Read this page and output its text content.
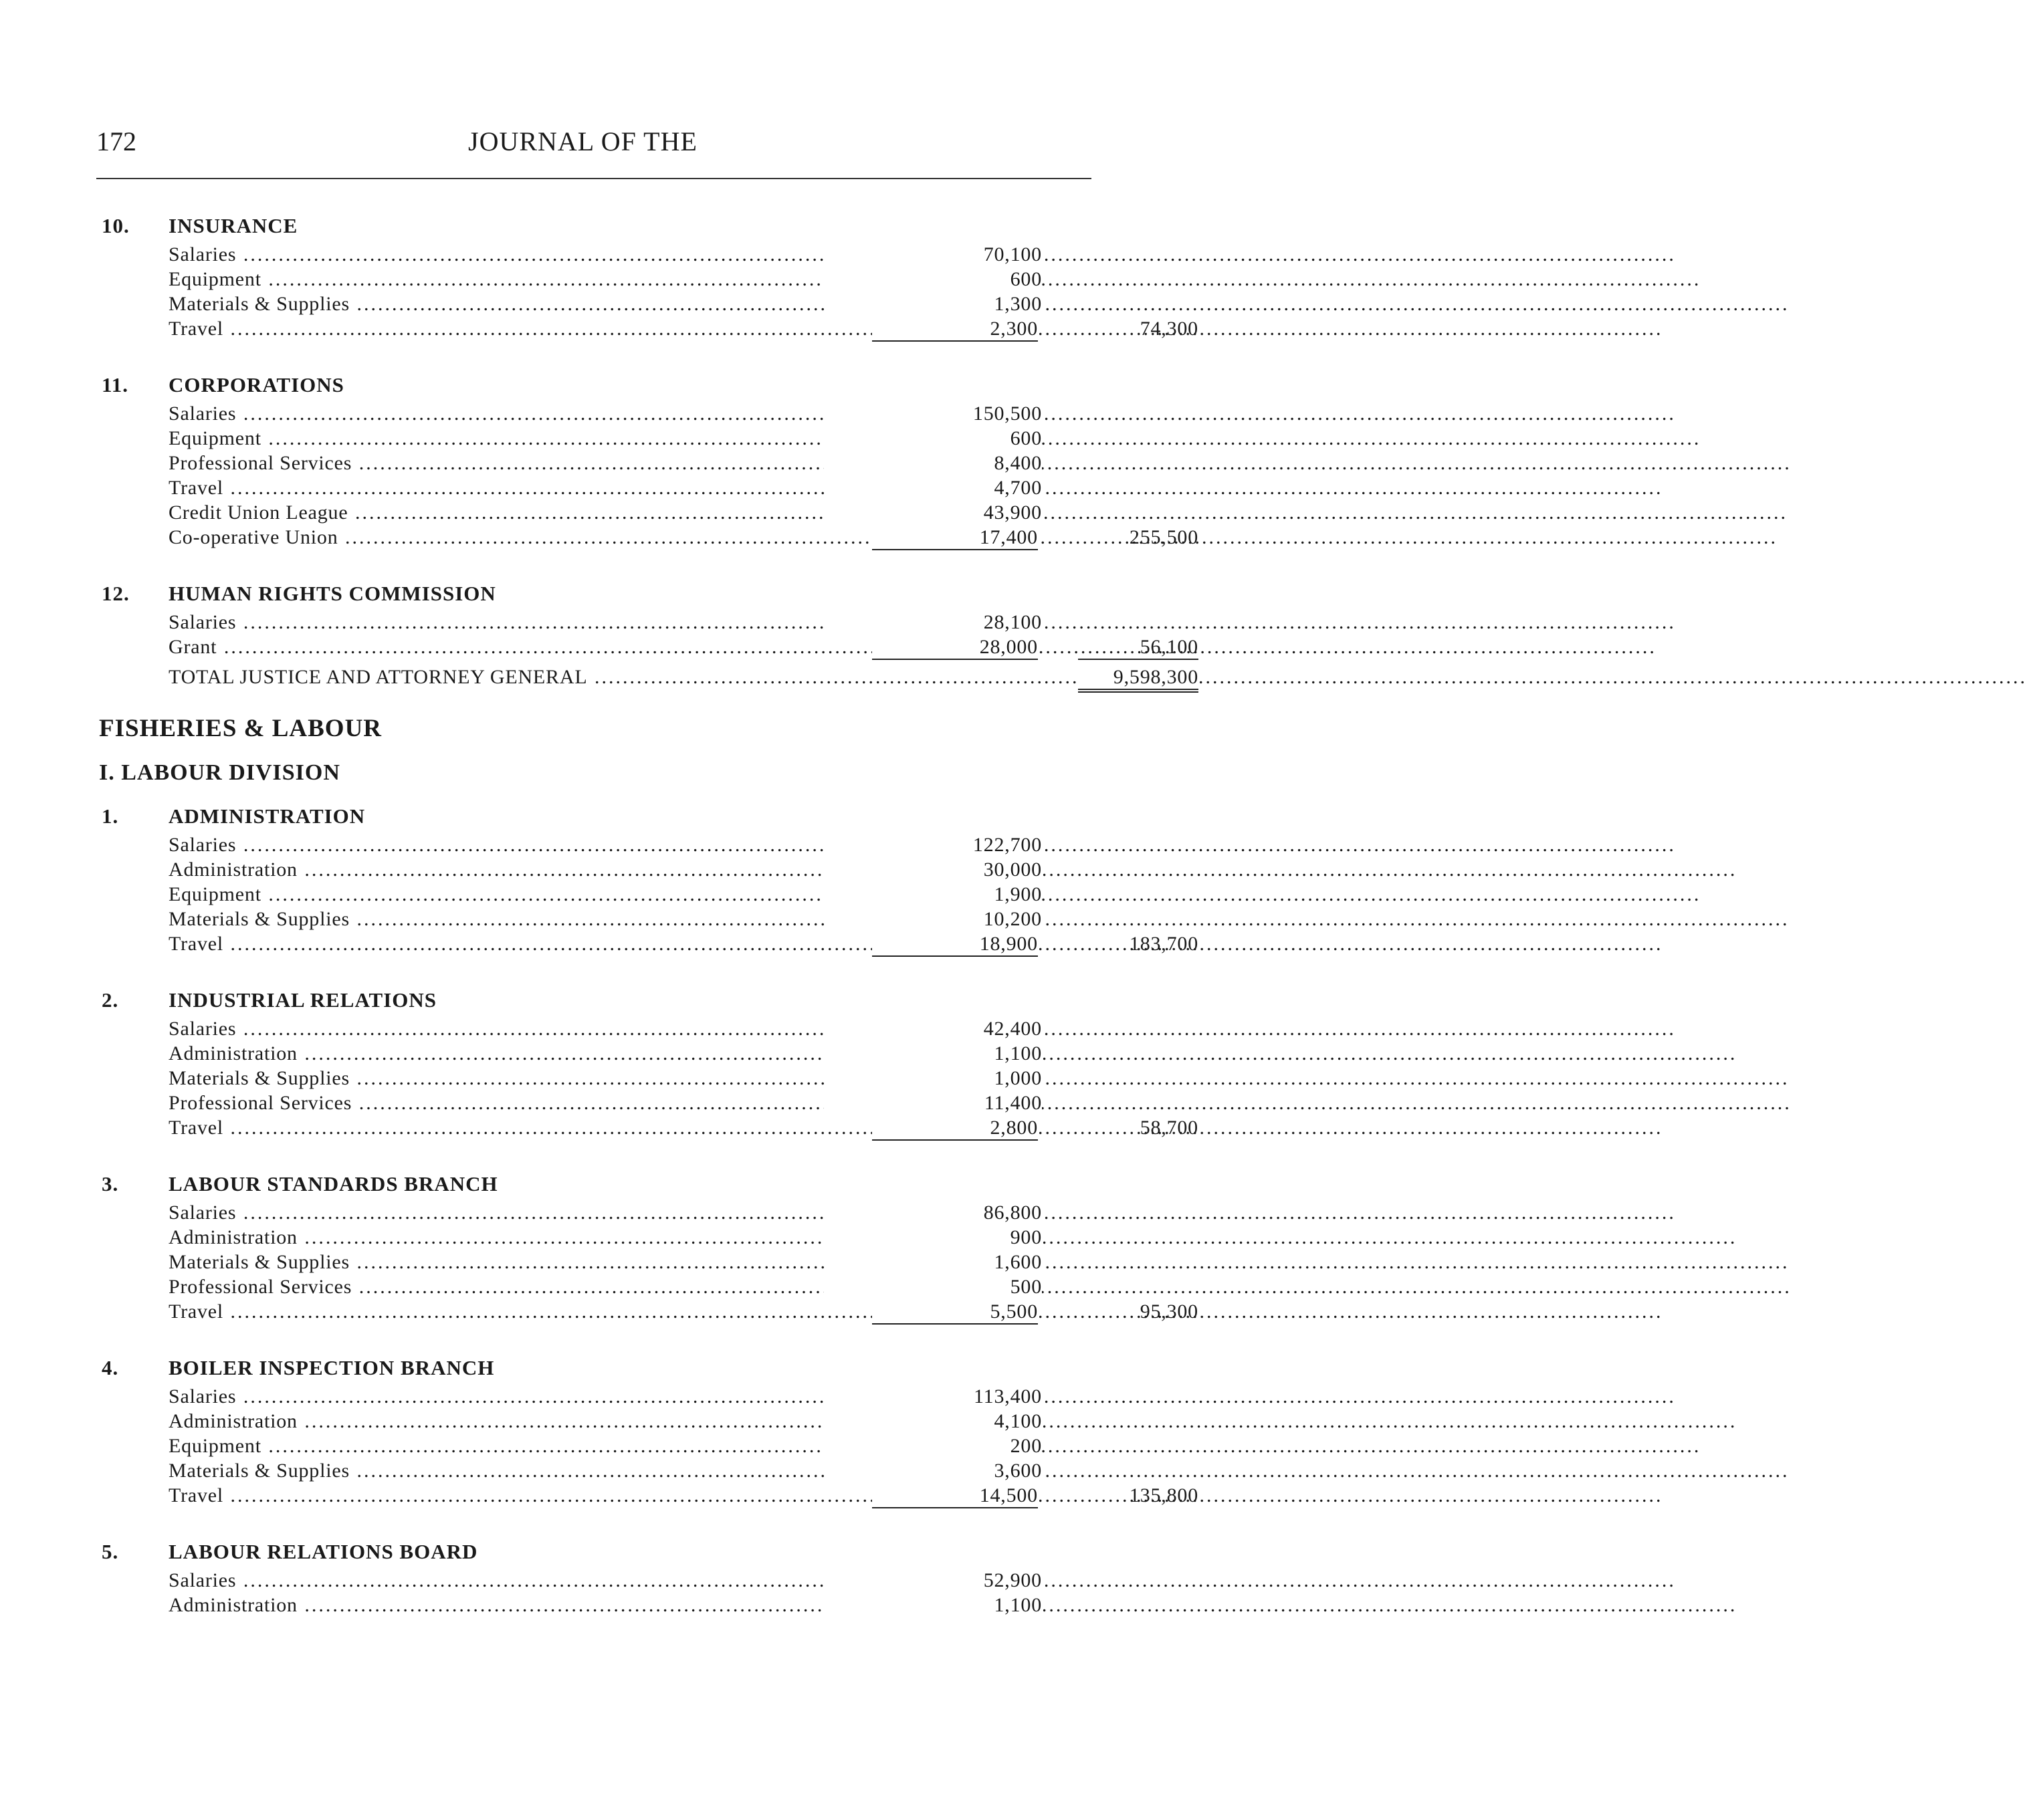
172	JOURNAL OF THE
10.	INSURANCE
Salaries .....	70,100
Equipment .....	600
Materials & Supplies .....	1,300
Travel .....	2,300	74,300
11.	CORPORATIONS
Salaries .....	150,500
Equipment .....	600
Professional Services .....	8,400
Travel .....	4,700
Credit Union League .....	43,900
Co-operative Union .....	17,400	255,500
12.	HUMAN RIGHTS COMMISSION
Salaries .....	28,100
Grant .....	28,000	56,100
TOTAL JUSTICE AND ATTORNEY GENERAL .....	9,598,300
FISHERIES & LABOUR
I. LABOUR DIVISION
1.	ADMINISTRATION
Salaries .....	122,700
Administration .....	30,000
Equipment .....	1,900
Materials & Supplies .....	10,200
Travel .....	18,900	183,700
2.	INDUSTRIAL RELATIONS
Salaries .....	42,400
Administration .....	1,100
Materials & Supplies .....	1,000
Professional Services .....	11,400
Travel .....	2,800	58,700
3.	LABOUR STANDARDS BRANCH
Salaries .....	86,800
Administration .....	900
Materials & Supplies .....	1,600
Professional Services .....	500
Travel .....	5,500	95,300
4.	BOILER INSPECTION BRANCH
Salaries .....	113,400
Administration .....	4,100
Equipment .....	200
Materials & Supplies .....	3,600
Travel .....	14,500	135,800
5.	LABOUR RELATIONS BOARD
Salaries .....	52,900
Administration .....	1,100
